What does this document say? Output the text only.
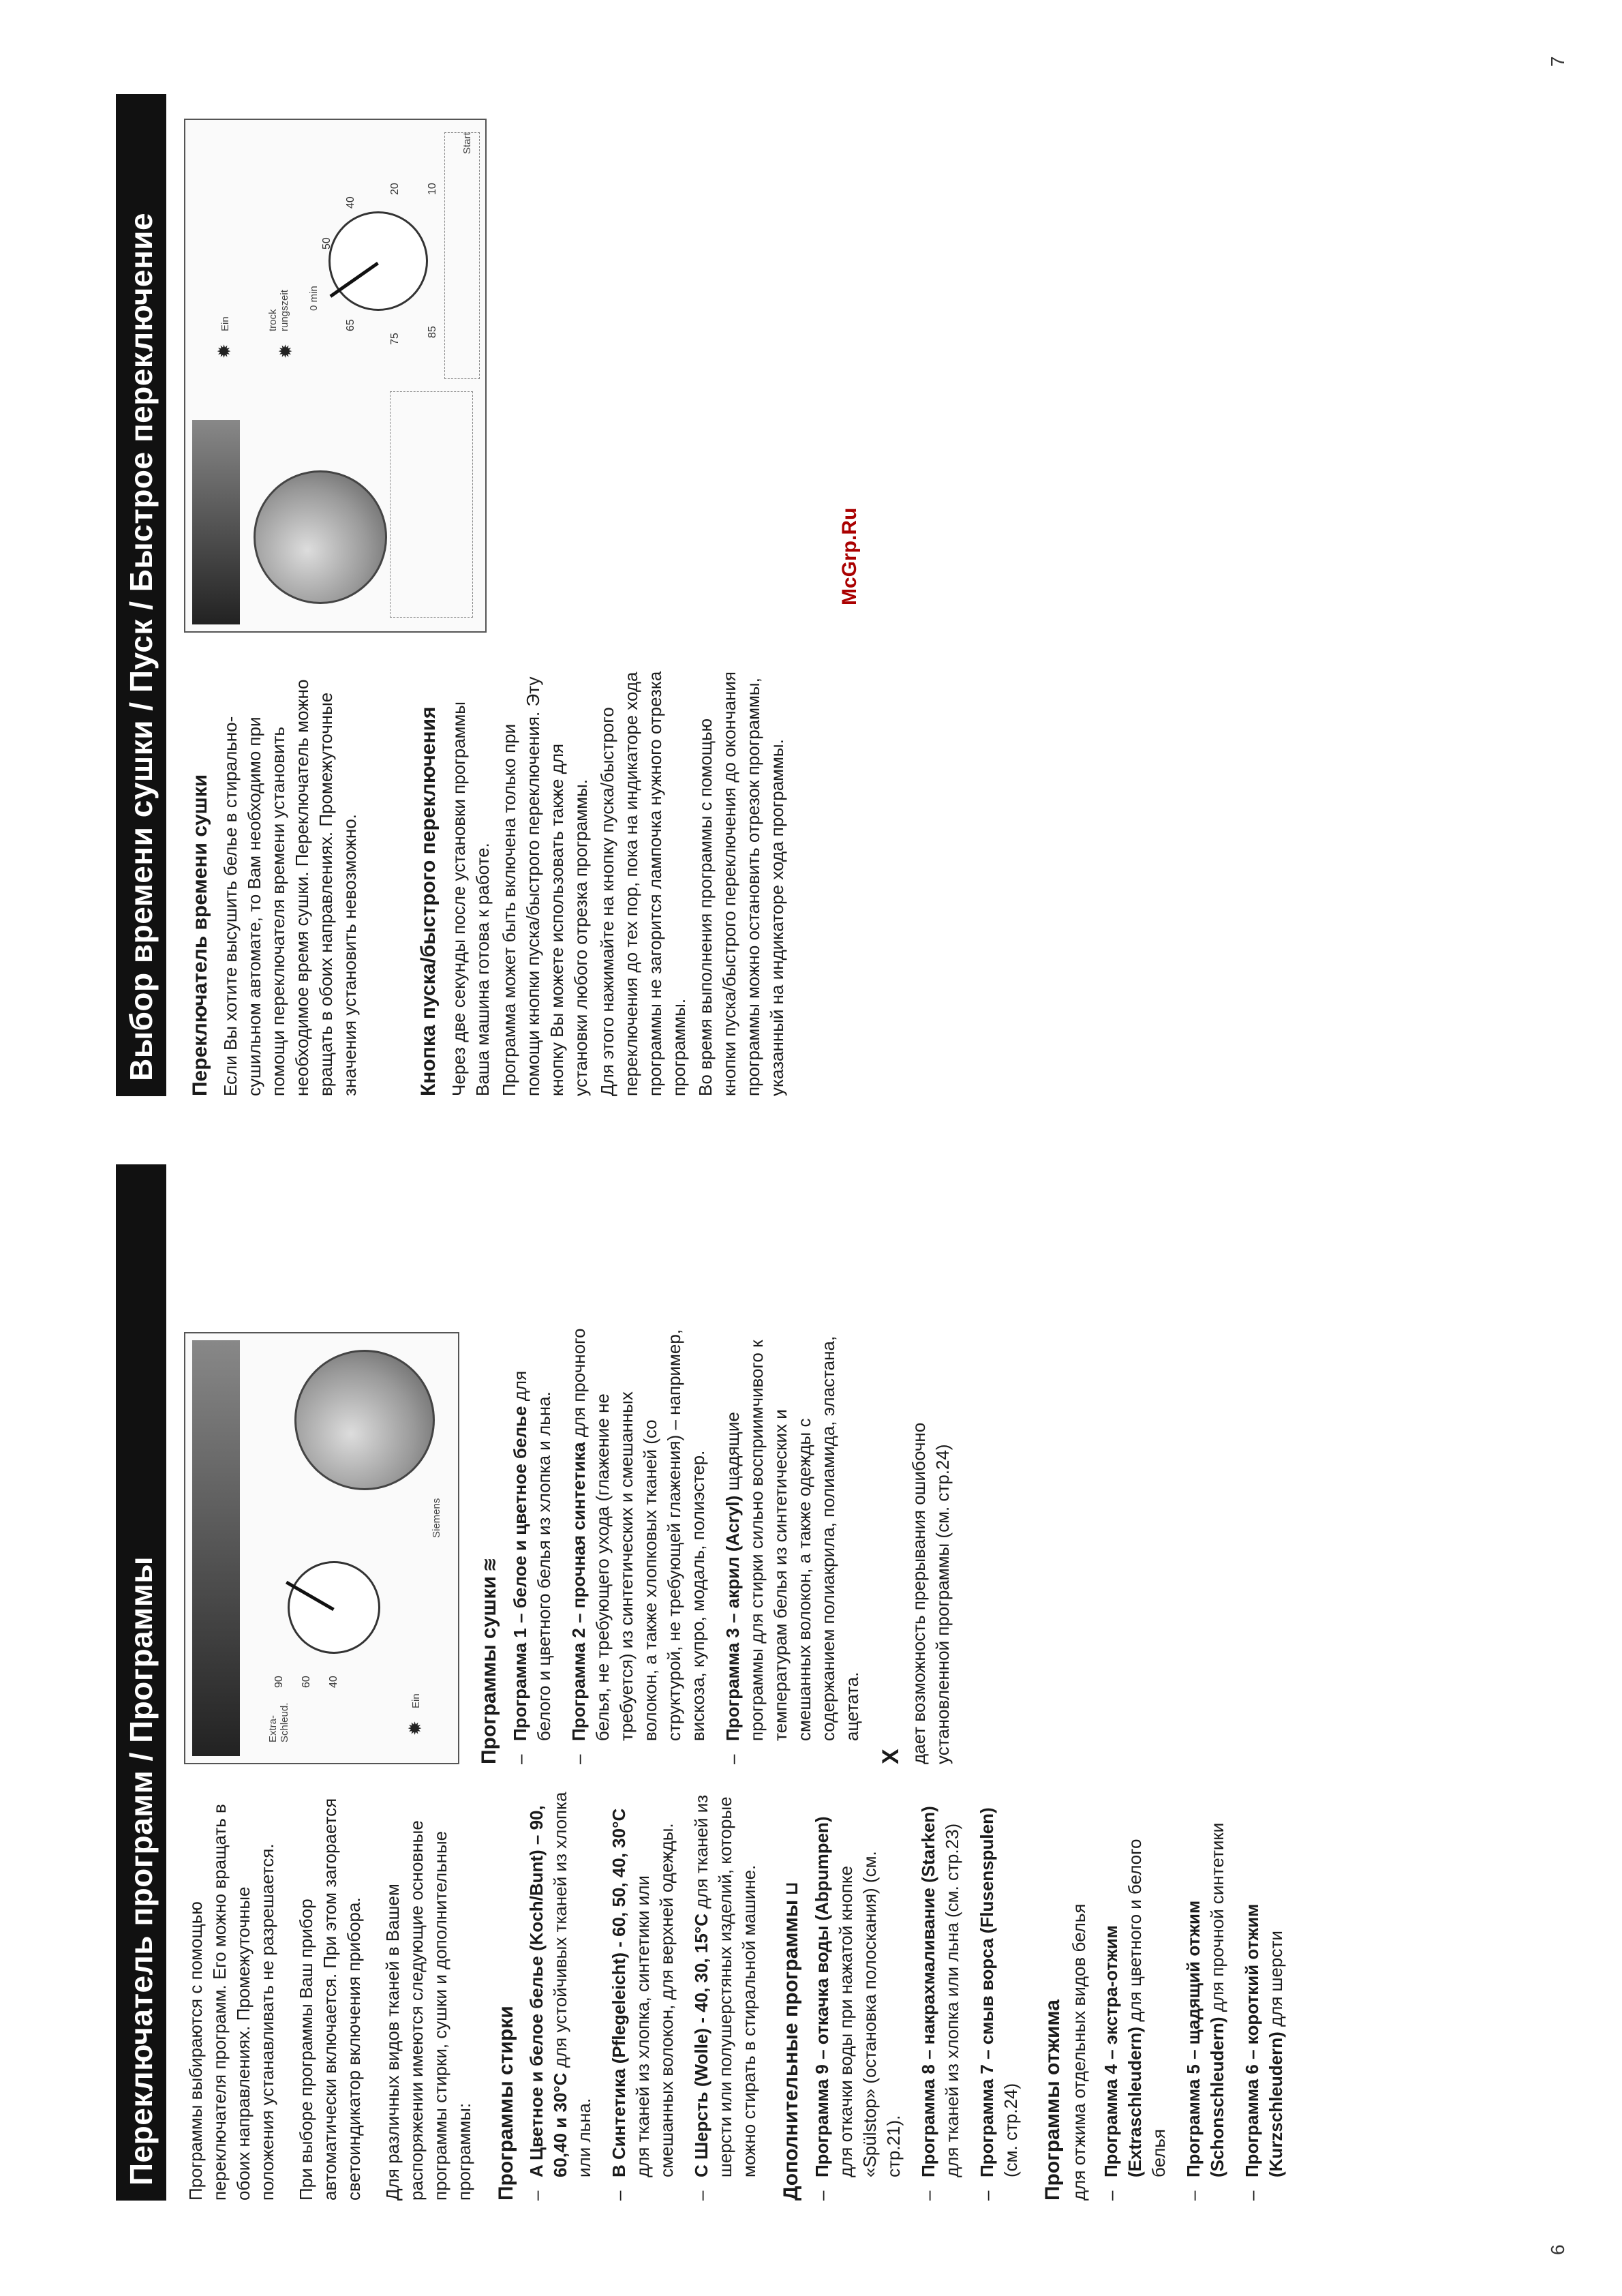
Переключатель программ / Программы	Программы выбираются с помощью переключателя программ. Его можно вращать в обоих направлениях. Промежуточные положения устанавливать не разрешается. При выборе программы Ваш прибор автоматически включается. При этом загорается светоиндикатор включения прибора. Для различных видов тканей в Вашем распоряжении имеются следующие основные программы стирки, сушки и дополнительные программы: Программы стирки –
A Цветное и белое белье (Koch/Bunt) – 90, 60,40 и 30°C для устойчивых тканей из хлопка или льна.
–
B Синтетика (Pflegeleicht) - 60, 50, 40, 30°C для тканей из хлопка, синтетики или смешанных волокон, для верхней одежды.
–
C Шерсть (Wolle) - 40, 30, 15°C для тканей из шерсти или полушерстяных изделий, которые можно стирать в стиральной машине. Дополнительные программы⊔
–
Программа 9 – откачка воды (Abpumpen) для откачки воды при нажатой кнопке «Spülstop» (остановка полоскания) (см. стр.21).
–
Программа 8 – накрахмаливание (Starken) для тканей из хлопка или льна (см. стр.23)
–
Программа 7 – смыв ворса (Flusenspulen) (см. стр.24) Программы отжима для отжима отдельных видов белья –
Программа 4 – экстра-отжим (Extraschleudern) для цветного и белого белья
–
Программа 5 – щадящий отжим (Schonschleudern) для прочной синтетики
–
Программа 6 – короткий отжим (Kurzschleudern) для шерсти
Extra-
Schleud.	✹
Ein
90	60	40
Siemens
Программы сушки≋
–
Программа 1 – белое и цветное белье для белого и цветного белья из хлопка и льна.
–
Программа 2 – прочная синтетика для прочного белья, не требующего ухода (глажение не требуется) из синтетических и смешанных волокон, а также хлопковых тканей (со структурой, не требующей глажения) – например, вискоза, купро, модаль, полиэстер.
–
Программа 3 – акрил (Acryl) щадящие программы для стирки сильно восприимчивого к температурам белья из синтетических и смешанных волокон, а также одежды с содержанием полиакрила, полиамида, эластана, ацетата.
X дает возможность прерывания ошибочно установленной программы (см. стр.24)
Выбор времени сушки / Пуск / Быстрое переключение	Переключатель времени сушки Если Вы хотите высушить белье в стирально-сушильном автомате, то Вам необходимо при помощи переключателя времени установить необходимое время сушки. Переключатель можно вращать в обоих направлениях. Промежуточные значения установить невозможно.	Кнопка пуска/быстрого переключения Через две секунды после установки программы Ваша машина готова к работе. Программа может быть включена только при помощи кнопки пуска/быстрого переключения. Эту кнопку Вы можете использовать также для установки любого отрезка программы. Для этого нажимайте на кнопку пуска/быстрого переключения до тех пор, пока на индикаторе хода программы не загорится лампочка нужного отрезка программы. Во время выполнения программы с помощью кнопки пуска/быстрого переключения до окончания программы можно остановить отрезок программы, указанный на индикаторе хода программы.

✹
Ein
✹
trock
rungszeit 0 min
10
20
40
50
65
75
85
Start
McGrp.Ru
6
7
